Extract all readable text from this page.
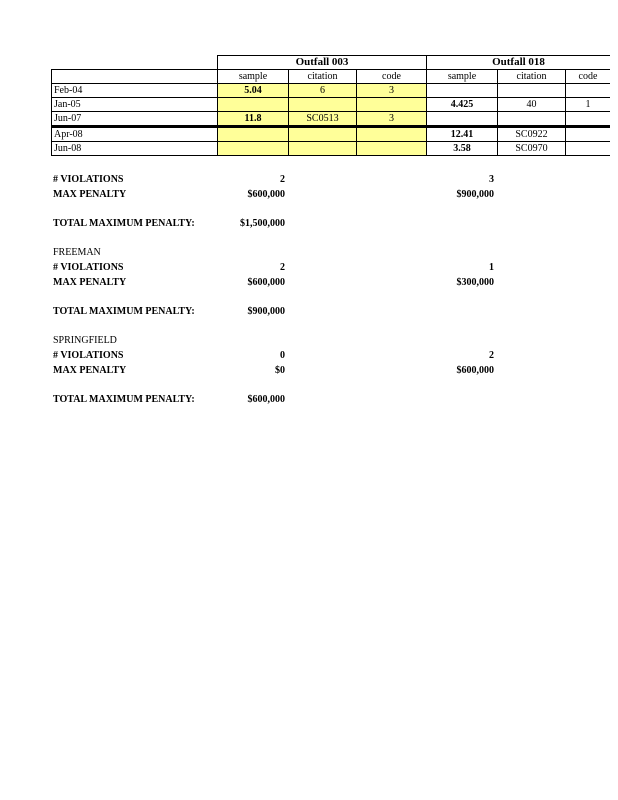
	Outfall 003			Outfall 018		
	sample	citation	code	sample	citation	code
Feb-04	5.04	6	3			
Jan-05				4.425	40	1
Jun-07	11.8	SC0513	3			
Apr-08				12.41	SC0922	
Jun-08				3.58	SC0970	
# VIOLATIONS	2	3
MAX PENALTY	$600,000	$900,000
TOTAL MAXIMUM PENALTY:	$1,500,000
FREEMAN
# VIOLATIONS	2	1
MAX PENALTY	$600,000	$300,000
TOTAL MAXIMUM PENALTY:	$900,000
SPRINGFIELD
# VIOLATIONS	0	2
MAX PENALTY	$0	$600,000
TOTAL MAXIMUM PENALTY:	$600,000
